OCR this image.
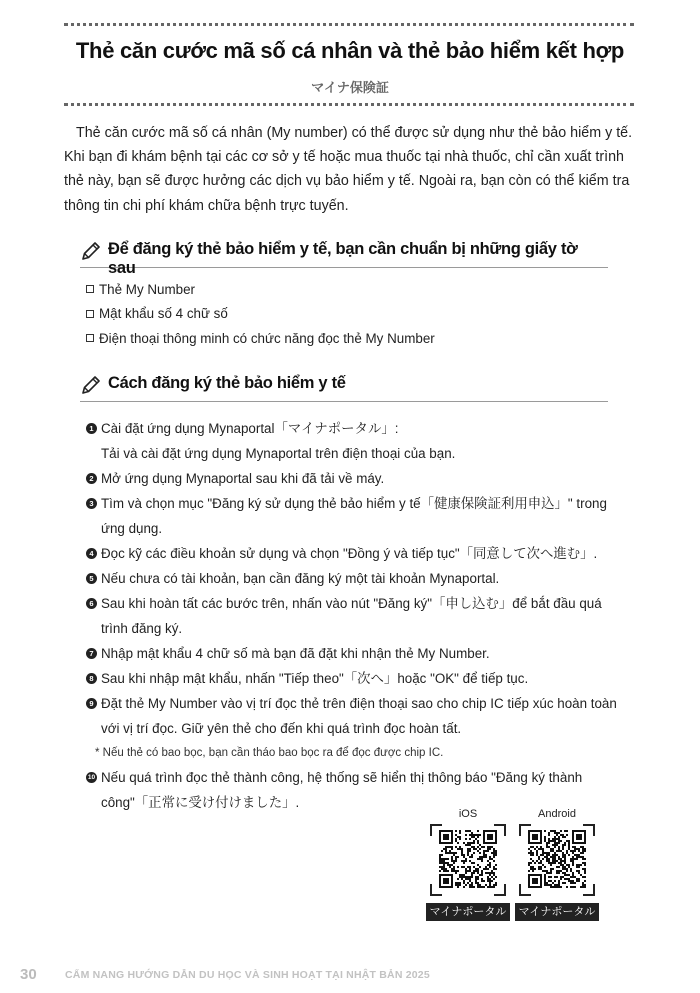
Thẻ căn cước mã số cá nhân và thẻ bảo hiểm kết hợp
マイナ保険証
Thẻ căn cước mã số cá nhân (My number) có thể được sử dụng như thẻ bảo hiểm y tế. Khi bạn đi khám bệnh tại các cơ sở y tế hoặc mua thuốc tại nhà thuốc, chỉ cần xuất trình thẻ này, bạn sẽ được hưởng các dịch vụ bảo hiểm y tế. Ngoài ra, bạn còn có thể kiểm tra thông tin chi phí khám chữa bệnh trực tuyến.
Để đăng ký thẻ bảo hiểm y tế, bạn cần chuẩn bị những giấy tờ sau
Thẻ My Number
Mật khẩu số 4 chữ số
Điện thoại thông minh có chức năng đọc thẻ My Number
Cách đăng ký thẻ bảo hiểm y tế
1 Cài đặt ứng dụng Mynaportal「マイナポータル」:
Tải và cài đặt ứng dụng Mynaportal trên điện thoại của bạn.
2 Mở ứng dụng Mynaportal sau khi đã tải về máy.
3 Tìm và chọn mục "Đăng ký sử dụng thẻ bảo hiểm y tế「健康保険証利用申込」" trong ứng dụng.
4 Đọc kỹ các điều khoản sử dụng và chọn "Đồng ý và tiếp tục"「同意して次へ進む」.
5 Nếu chưa có tài khoản, bạn cần đăng ký một tài khoản Mynaportal.
6 Sau khi hoàn tất các bước trên, nhấn vào nút "Đăng ký"「申し込む」để bắt đầu quá trình đăng ký.
7 Nhập mật khẩu 4 chữ số mà bạn đã đặt khi nhận thẻ My Number.
8 Sau khi nhập mật khẩu, nhấn "Tiếp theo"「次へ」hoặc "OK" để tiếp tục.
9 Đặt thẻ My Number vào vị trí đọc thẻ trên điện thoại sao cho chip IC tiếp xúc hoàn toàn với vị trí đọc. Giữ yên thẻ cho đến khi quá trình đọc hoàn tất.
* Nếu thẻ có bao bọc, bạn cần tháo bao bọc ra để đọc được chip IC.
10 Nếu quá trình đọc thẻ thành công, hệ thống sẽ hiển thị thông báo "Đăng ký thành công"「正常に受け付けました」.
iOS
マイナポータル
Android
マイナポータル
30	CẨM NANG HƯỚNG DẪN DU HỌC VÀ SINH HOẠT TẠI NHẬT BẢN 2025
